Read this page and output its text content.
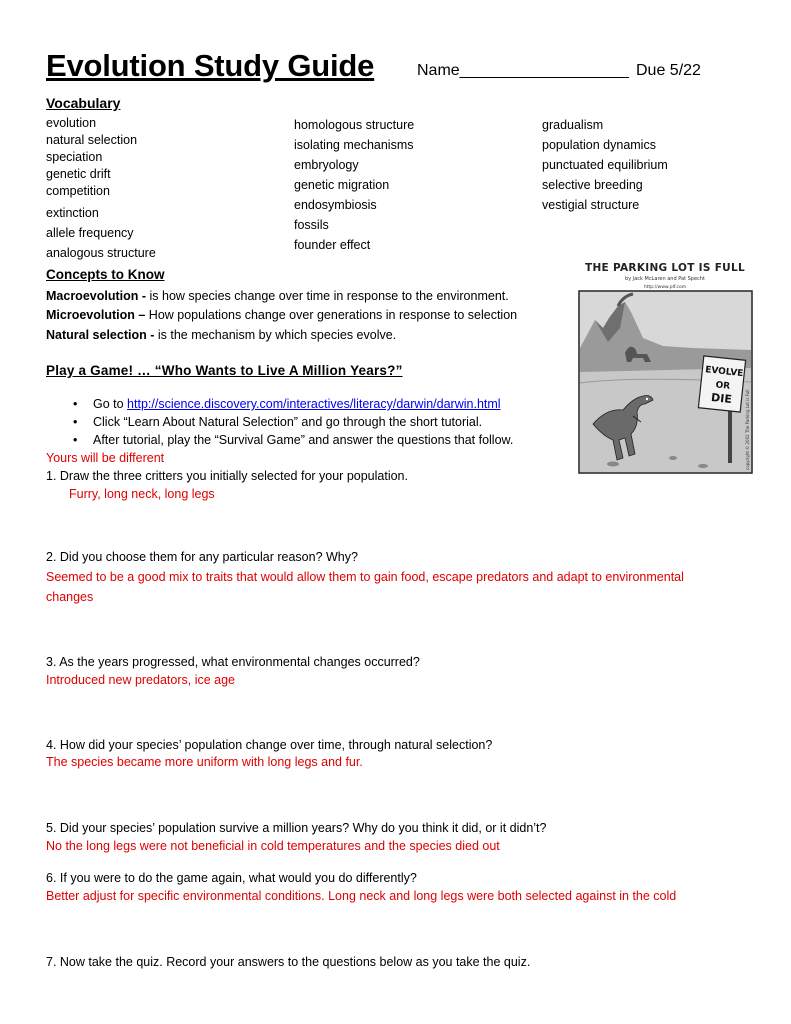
Evolution Study Guide	Name___________________ Due 5/22
Vocabulary
evolution
natural selection
speciation
genetic drift
competition
extinction
allele frequency
analogous structure
homologous structure
isolating mechanisms
embryology
genetic migration
endosymbiosis
fossils
founder effect
gradualism
population dynamics
punctuated equilibrium
selective breeding
vestigial structure
Concepts to Know
Macroevolution - is how species change over time in response to the environment.
Microevolution – How populations change over generations in response to selection
Natural selection - is the mechanism by which species evolve.
THE PARKING LOT IS FULL
by Jack McLaren and Pat Specht
http://www.plf.com
EVOLVE
OR
DIE	copyright © 2002 The Parking Lot is Full
Play a Game! … “Who Wants to Live A Million Years?”
• Go to http://science.discovery.com/interactives/literacy/darwin/darwin.html
• Click “Learn About Natural Selection” and go through the short tutorial.
• After tutorial, play the “Survival Game” and answer the questions that follow.
Yours will be different
1. Draw the three critters you initially selected for your population.
Furry, long neck, long legs
2. Did you choose them for any particular reason? Why?
Seemed to be a good mix to traits that would allow them to gain food, escape predators and adapt to environmental
changes
3. As the years progressed, what environmental changes occurred?
Introduced new predators, ice age
4. How did your species’ population change over time, through natural selection?
The species became more uniform with long legs and fur.
5. Did your species’ population survive a million years? Why do you think it did, or it didn’t?
No the long legs were not beneficial in cold temperatures and the species died out
6. If you were to do the game again, what would you do differently?
Better adjust for specific environmental conditions. Long neck and long legs were both selected against in the cold
7. Now take the quiz. Record your answers to the questions below as you take the quiz.
